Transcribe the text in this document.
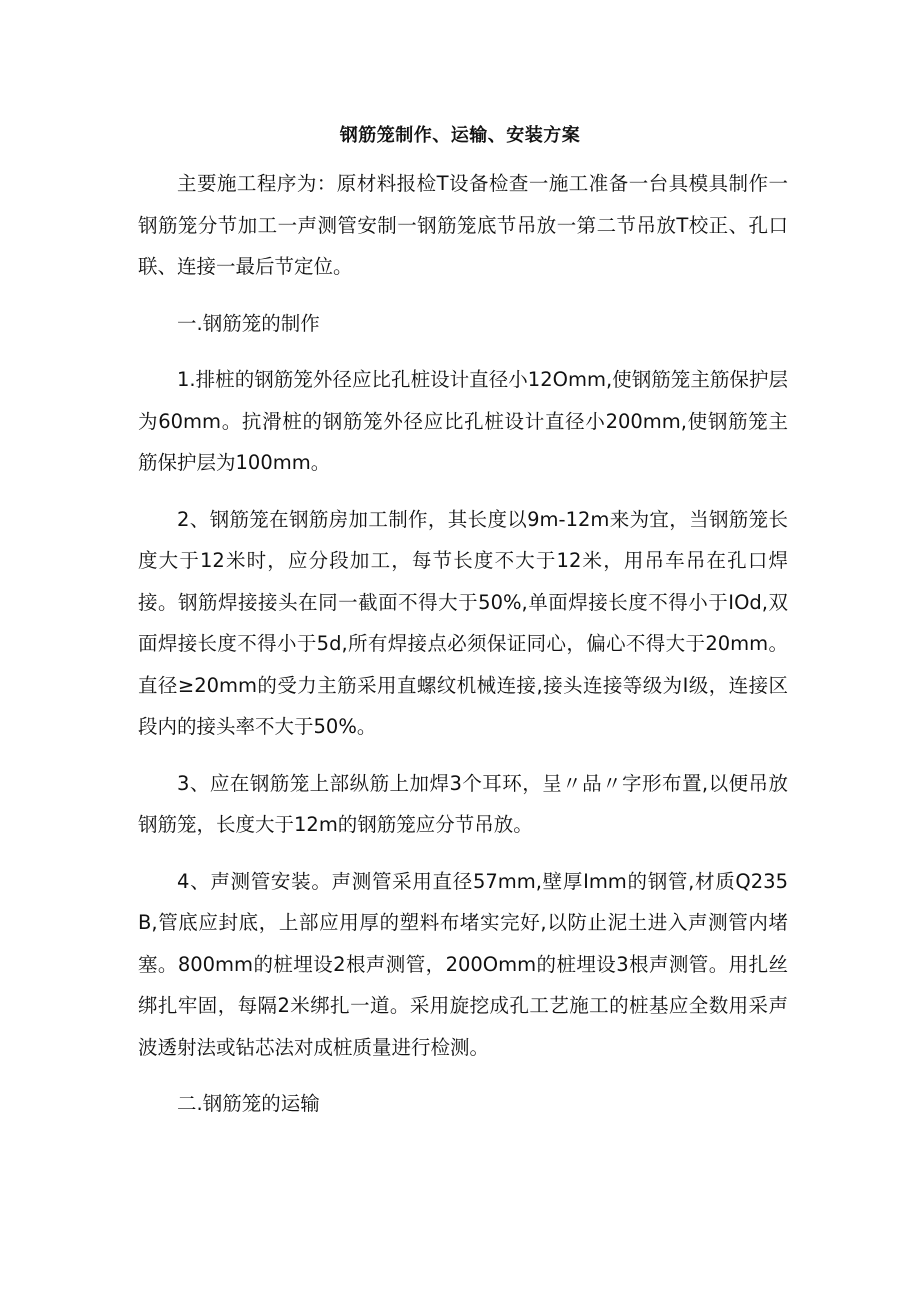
钢筋笼制作、运输、安装方案

主要施工程序为：原材料报检T设备检查一施工准备一台具模具制作一钢筋笼分节加工一声测管安制一钢筋笼底节吊放一第二节吊放T校正、孔口联、连接一最后节定位。

一.钢筋笼的制作

1.排桩的钢筋笼外径应比孔桩设计直径小12Omm,使钢筋笼主筋保护层为60mm。抗滑桩的钢筋笼外径应比孔桩设计直径小200mm,使钢筋笼主筋保护层为100mm。

2、钢筋笼在钢筋房加工制作，其长度以9m-12m来为宜，当钢筋笼长度大于12米时，应分段加工，每节长度不大于12米，用吊车吊在孔口焊接。钢筋焊接接头在同一截面不得大于50%,单面焊接长度不得小于IOd,双面焊接长度不得小于5d,所有焊接点必须保证同心，偏心不得大于20mm。直径≥20mm的受力主筋采用直螺纹机械连接,接头连接等级为I级，连接区段内的接头率不大于50%。

3、应在钢筋笼上部纵筋上加焊3个耳环，呈〃品〃字形布置,以便吊放钢筋笼，长度大于12m的钢筋笼应分节吊放。

4、声测管安装。声测管采用直径57mm,壁厚Imm的钢管,材质Q235B,管底应封底，上部应用厚的塑料布堵实完好,以防止泥土进入声测管内堵塞。800mm的桩埋设2根声测管，200Omm的桩埋设3根声测管。用扎丝绑扎牢固，每隔2米绑扎一道。采用旋挖成孔工艺施工的桩基应全数用采声波透射法或钻芯法对成桩质量进行检测。

二.钢筋笼的运输
